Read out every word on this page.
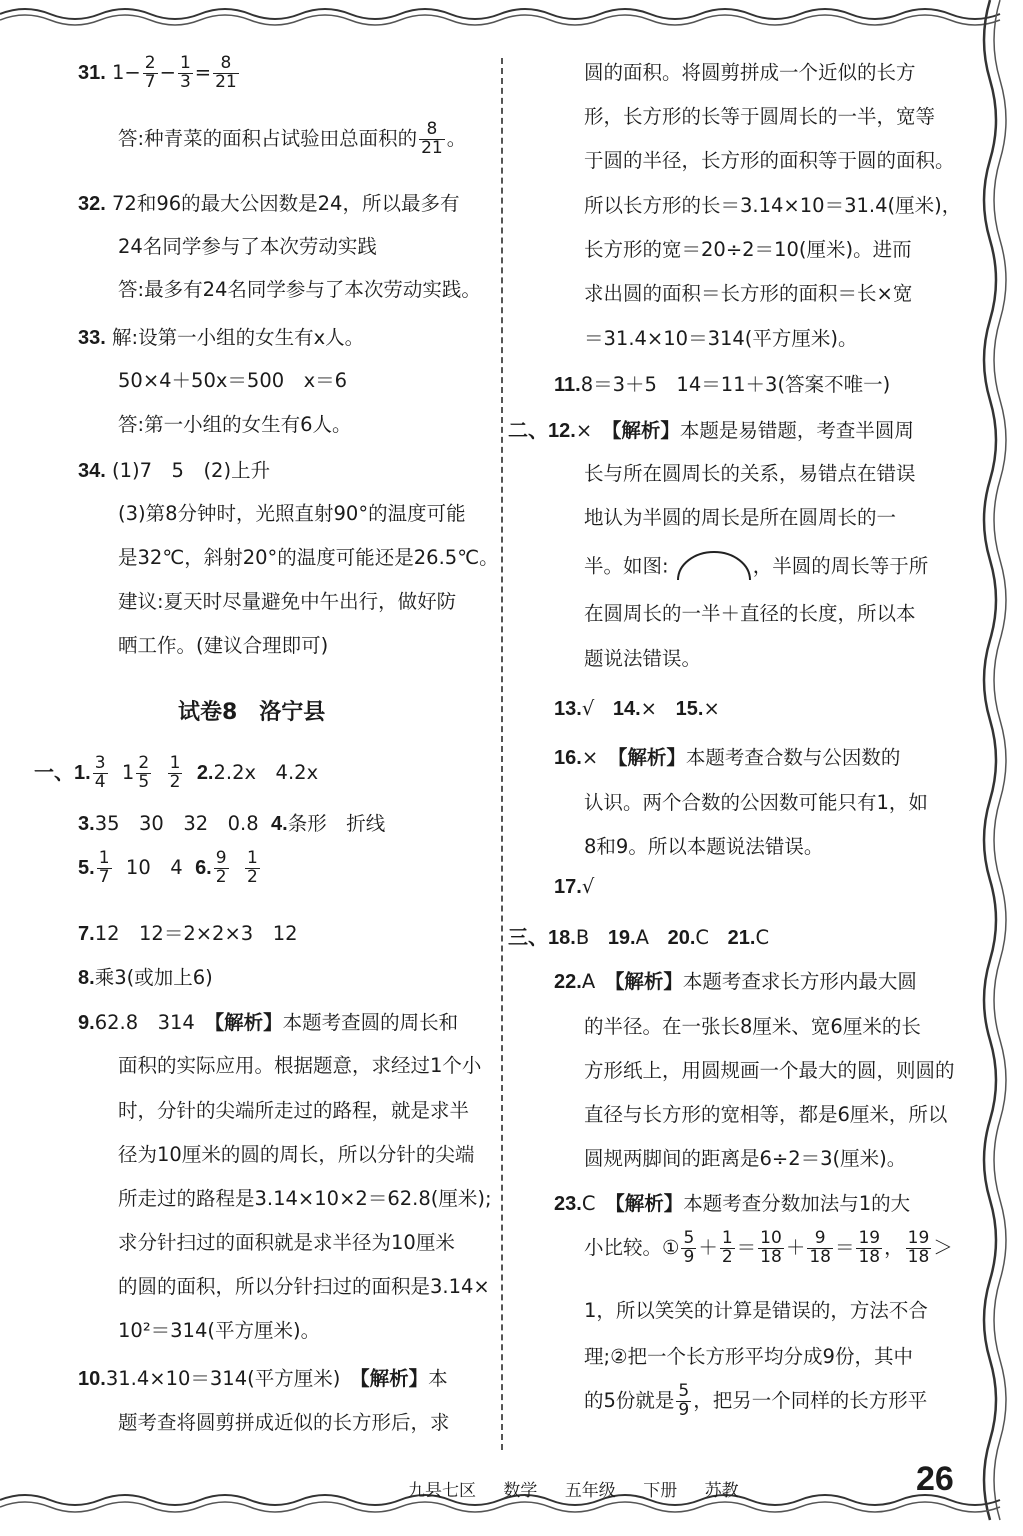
31. $1- \frac{2}{7} - \frac{1}{3} = \frac{8}{21}$
答:种青菜的面积占试验田总面积的 $\frac{8}{21}$ 。
32. 72和96的最大公因数是24，所以最多有
24名同学参与了本次劳动实践
答:最多有24名同学参与了本次劳动实践。
33. 解:设第一小组的女生有x人。
50×4＋50x＝500　x＝6
答:第一小组的女生有6人。
34. (1)7　5　(2)上升
(3)第8分钟时，光照直射90°的温度可能
是32℃，斜射20°的温度可能还是26.5℃。
建议:夏天时尽量避免中午出行，做好防
晒工作。(建议合理即可)
试卷8　洛宁县
一、1. $\frac{3}{4} 1 \frac{2}{5}$
$\frac{1}{2} 2.2.2x$　4.2x
3.35　30　32　0.8 4.条形　折线
5. $\frac{1}{7} 10$　4 6. $\frac{9}{2}$
$\frac{1}{2}$
7.12　12＝2×2×3　12
8.乘3(或加上6)
9.62.8　314　【解析】本题考查圆的周长和
面积的实际应用。根据题意，求经过1个小
时，分针的尖端所走过的路程，就是求半
径为10厘米的圆的周长，所以分针的尖端
所走过的路程是3.14×10×2＝62.8(厘米);
求分针扫过的面积就是求半径为10厘米
的圆的面积，所以分针扫过的面积是3.14×
10²＝314(平方厘米)。
10.31.4×10＝314(平方厘米)　【解析】本
题考查将圆剪拼成近似的长方形后，求
圆的面积。将圆剪拼成一个近似的长方
形，长方形的长等于圆周长的一半，宽等
于圆的半径，长方形的面积等于圆的面积。
所以长方形的长＝3.14×10＝31.4(厘米)，
长方形的宽＝20÷2＝10(厘米)。进而
求出圆的面积＝长方形的面积＝长×宽
＝31.4×10＝314(平方厘米)。
11.8＝3＋5　14＝11＋3(答案不唯一)
二、12.×　【解析】本题是易错题，考查半圆周
长与所在圆周长的关系，易错点在错误
地认为半圆的周长是所在圆周长的一
半。如图:	，半圆的周长等于所
在圆周长的一半＋直径的长度，所以本
题说法错误。
13.√ 14.× 15.×
16.×　【解析】本题考查合数与公因数的
认识。两个合数的公因数可能只有1，如
8和9。所以本题说法错误。
17.√
三、18.B 19.A 20.C 21.C
22.A　【解析】本题考查求长方形内最大圆
的半径。在一张长8厘米、宽6厘米的长
方形纸上，用圆规画一个最大的圆，则圆的
直径与长方形的宽相等，都是6厘米，所以
圆规两脚间的距离是6÷2＝3(厘米)。
23.C　【解析】本题考查分数加法与1的大
小比较。① $\frac{5}{9} + \frac{1}{2} = \frac{10}{18} + \frac{9}{18} = \frac{19}{18}$ ， $\frac{19}{18}$ ＞
1，所以笑笑的计算是错误的，方法不合
理;②把一个长方形平均分成9份，其中
的5份就是 $\frac{5}{9}$ ，把另一个同样的长方形平
九县七区 数学 五年级 下册 苏教	26
